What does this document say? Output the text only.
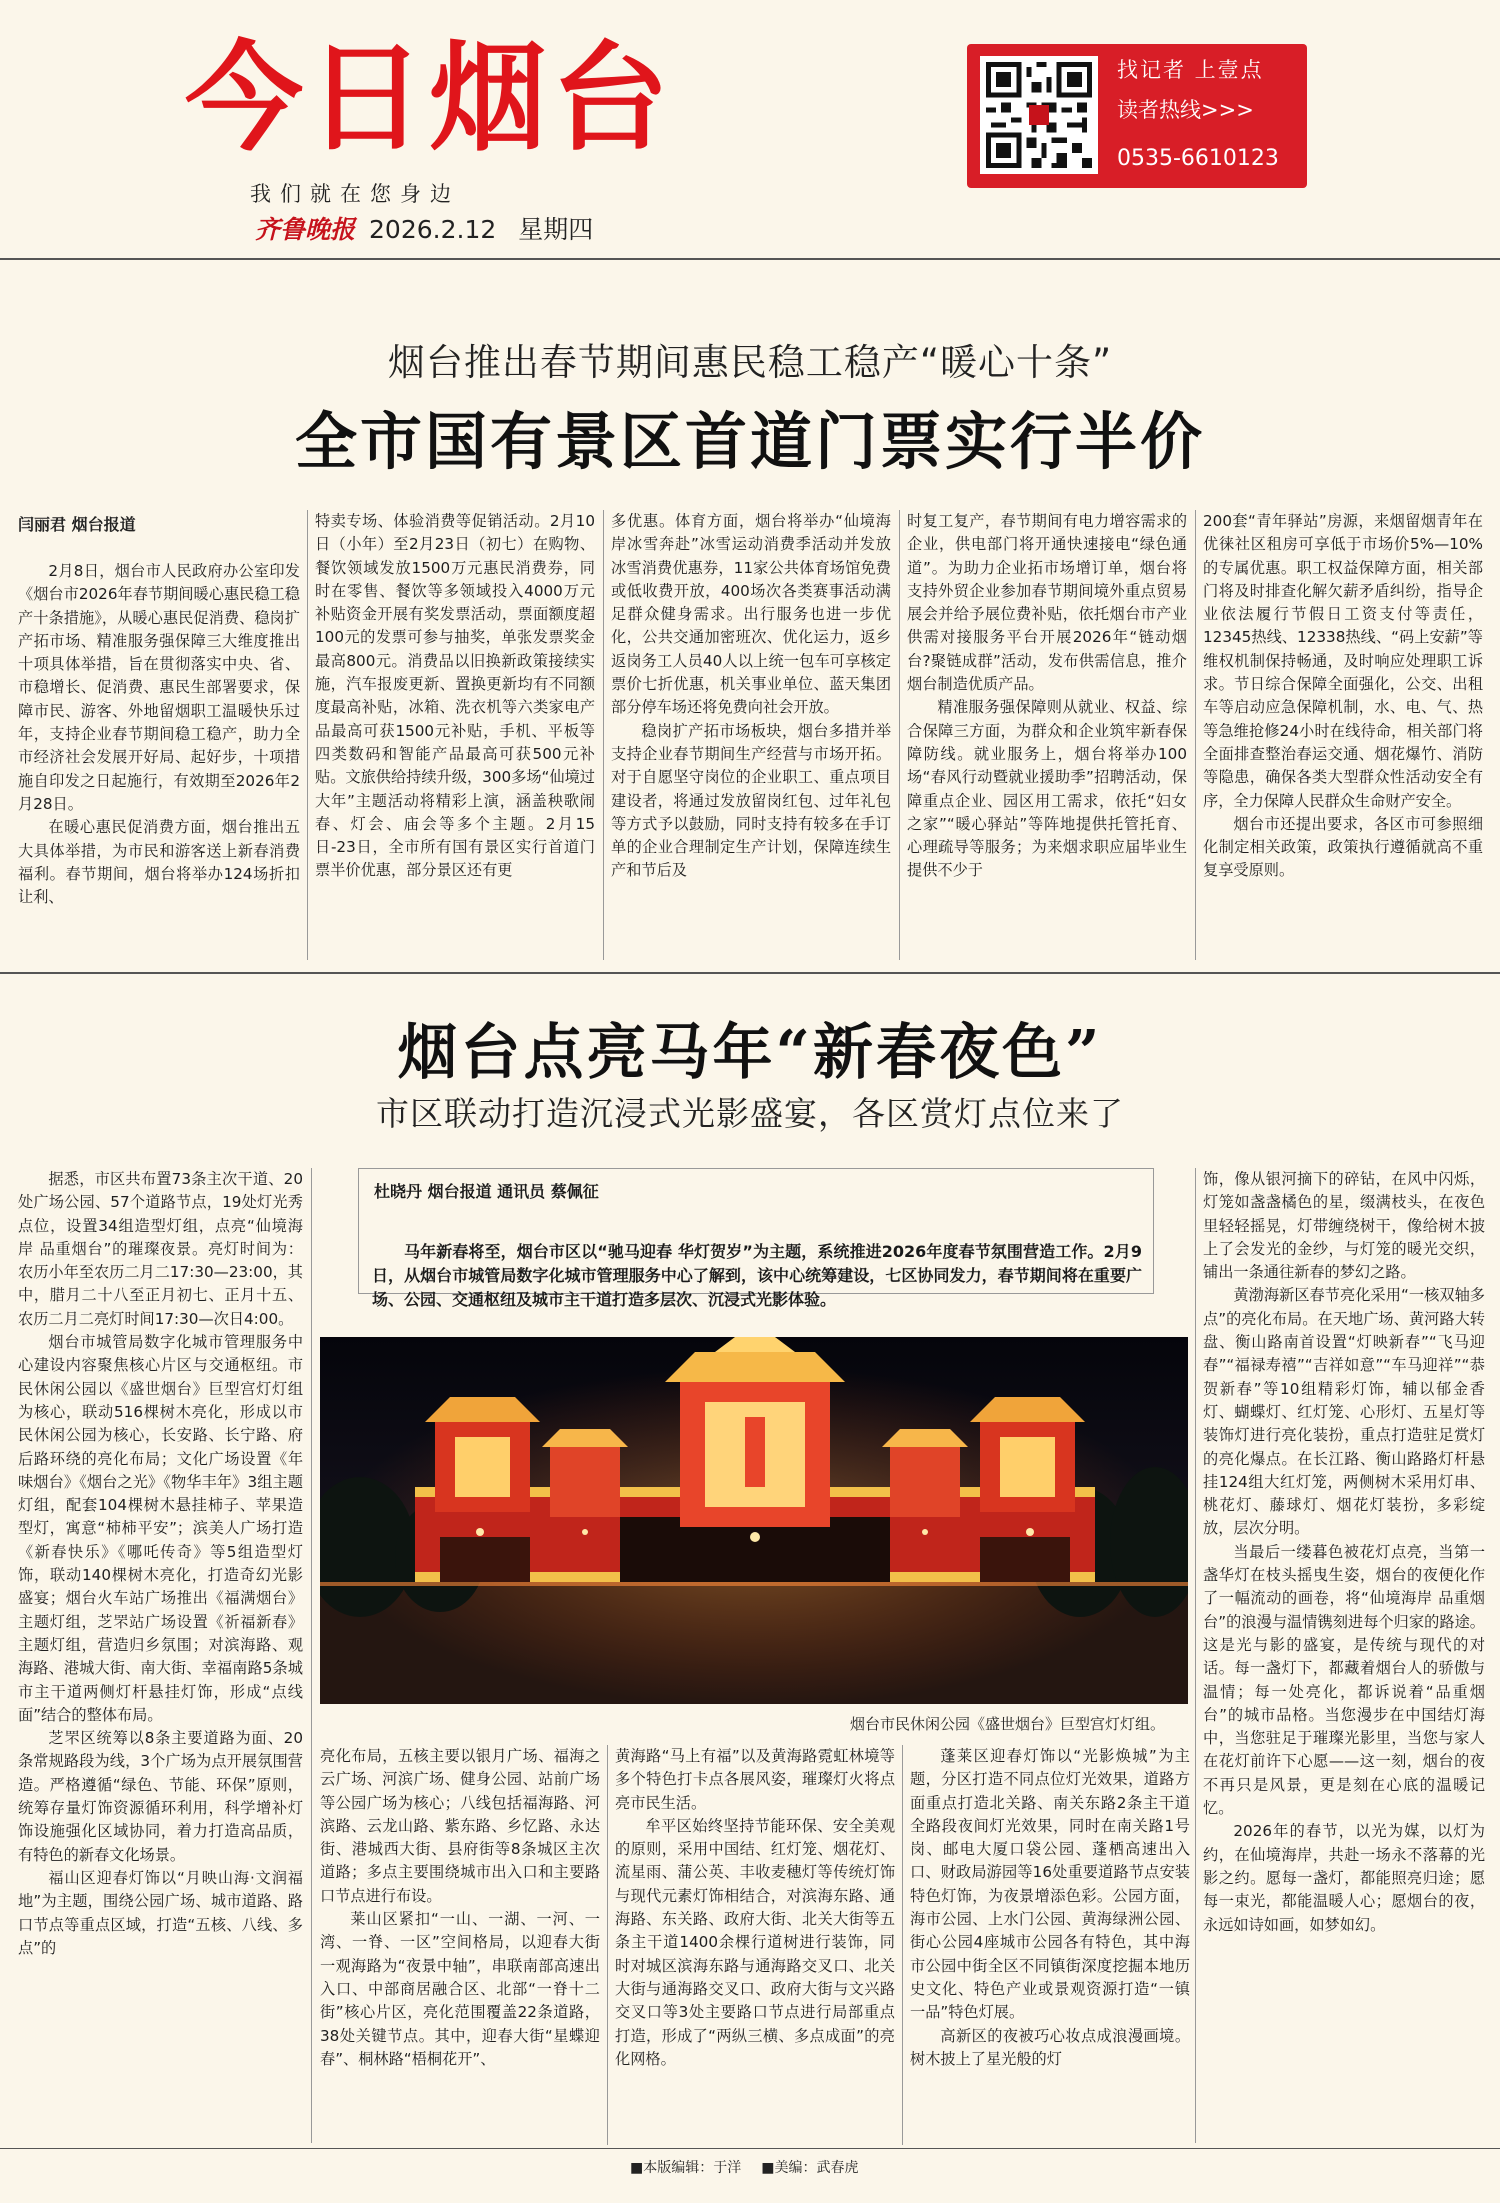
今日烟台
我们就在您身边
齐鲁晚报 2026.2.12 星期四
找记者 上壹点
读者热线>>>
0535-6610123
烟台推出春节期间惠民稳工稳产“暖心十条”
全市国有景区首道门票实行半价
闫丽君 烟台报道

2月8日，烟台市人民政府办公室印发《烟台市2026年春节期间暖心惠民稳工稳产十条措施》，从暖心惠民促消费、稳岗扩产拓市场、精准服务强保障三大维度推出十项具体举措，旨在贯彻落实中央、省、市稳增长、促消费、惠民生部署要求，保障市民、游客、外地留烟职工温暖快乐过年，支持企业春节期间稳工稳产，助力全市经济社会发展开好局、起好步，十项措施自印发之日起施行，有效期至2026年2月28日。

在暖心惠民促消费方面，烟台推出五大具体举措，为市民和游客送上新春消费福利。春节期间，烟台将举办124场折扣让利、

特卖专场、体验消费等促销活动。2月10日（小年）至2月23日（初七）在购物、餐饮领域发放1500万元惠民消费券，同时在零售、餐饮等多领域投入4000万元补贴资金开展有奖发票活动，票面额度超100元的发票可参与抽奖，单张发票奖金最高800元。消费品以旧换新政策接续实施，汽车报废更新、置换更新均有不同额度最高补贴，冰箱、洗衣机等六类家电产品最高可获1500元补贴，手机、平板等四类数码和智能产品最高可获500元补贴。文旅供给持续升级，300多场“仙境过大年”主题活动将精彩上演，涵盖秧歌闹春、灯会、庙会等多个主题。2月15日-23日，全市所有国有景区实行首道门票半价优惠，部分景区还有更

多优惠。体育方面，烟台将举办“仙境海岸冰雪奔赴”冰雪运动消费季活动并发放冰雪消费优惠券，11家公共体育场馆免费或低收费开放，400场次各类赛事活动满足群众健身需求。出行服务也进一步优化，公共交通加密班次、优化运力，返乡返岗务工人员40人以上统一包车可享核定票价七折优惠，机关事业单位、蓝天集团部分停车场还将免费向社会开放。

稳岗扩产拓市场板块，烟台多措并举支持企业春节期间生产经营与市场开拓。对于自愿坚守岗位的企业职工、重点项目建设者，将通过发放留岗红包、过年礼包等方式予以鼓励，同时支持有较多在手订单的企业合理制定生产计划，保障连续生产和节后及

时复工复产，春节期间有电力增容需求的企业，供电部门将开通快速接电“绿色通道”。为助力企业拓市场增订单，烟台将支持外贸企业参加春节期间境外重点贸易展会并给予展位费补贴，依托烟台市产业供需对接服务平台开展2026年“链动烟台?聚链成群”活动，发布供需信息，推介烟台制造优质产品。

精准服务强保障则从就业、权益、综合保障三方面，为群众和企业筑牢新春保障防线。就业服务上，烟台将举办100场“春风行动暨就业援助季”招聘活动，保障重点企业、园区用工需求，依托“妇女之家”“暖心驿站”等阵地提供托管托育、心理疏导等服务；为来烟求职应届毕业生提供不少于

200套“青年驿站”房源，来烟留烟青年在优徕社区租房可享低于市场价5%—10%的专属优惠。职工权益保障方面，相关部门将及时排查化解欠薪矛盾纠纷，指导企业依法履行节假日工资支付等责任，12345热线、12338热线、“码上安薪”等维权机制保持畅通，及时响应处理职工诉求。节日综合保障全面强化，公交、出租车等启动应急保障机制，水、电、气、热等急维抢修24小时在线待命，相关部门将全面排查整治春运交通、烟花爆竹、消防等隐患，确保各类大型群众性活动安全有序，全力保障人民群众生命财产安全。

烟台市还提出要求，各区市可参照细化制定相关政策，政策执行遵循就高不重复享受原则。

烟台点亮马年“新春夜色”
市区联动打造沉浸式光影盛宴，各区赏灯点位来了

据悉，市区共布置73条主次干道、20处广场公园、57个道路节点，19处灯光秀点位，设置34组造型灯组，点亮“仙境海岸 品重烟台”的璀璨夜景。亮灯时间为：农历小年至农历二月二17:30—23:00，其中，腊月二十八至正月初七、正月十五、农历二月二亮灯时间17:30—次日4:00。

烟台市城管局数字化城市管理服务中心建设内容聚焦核心片区与交通枢纽。市民休闲公园以《盛世烟台》巨型宫灯灯组为核心，联动516棵树木亮化，形成以市民休闲公园为核心，长安路、长宁路、府后路环绕的亮化布局；文化广场设置《年味烟台》《烟台之光》《物华丰年》3组主题灯组，配套104棵树木悬挂柿子、苹果造型灯，寓意“柿柿平安”；滨美人广场打造《新春快乐》《哪吒传奇》等5组造型灯饰，联动140棵树木亮化，打造奇幻光影盛宴；烟台火车站广场推出《福满烟台》主题灯组，芝罘站广场设置《祈福新春》主题灯组，营造归乡氛围；对滨海路、观海路、港城大街、南大街、幸福南路5条城市主干道两侧灯杆悬挂灯饰，形成“点线面”结合的整体布局。

芝罘区统筹以8条主要道路为面、20条常规路段为线，3个广场为点开展氛围营造。严格遵循“绿色、节能、环保”原则，统筹存量灯饰资源循环利用，科学增补灯饰设施强化区域协同，着力打造高品质，有特色的新春文化场景。

福山区迎春灯饰以“月映山海·文润福地”为主题，围绕公园广场、城市道路、路口节点等重点区域，打造“五核、八线、多点”的

杜晓丹 烟台报道 通讯员 蔡佩征
马年新春将至，烟台市区以“驰马迎春 华灯贺岁”为主题，系统推进2026年度春节氛围营造工作。2月9日，从烟台市城管局数字化城市管理服务中心了解到，该中心统筹建设，七区协同发力，春节期间将在重要广场、公园、交通枢纽及城市主干道打造多层次、沉浸式光影体验。
烟台市民休闲公园《盛世烟台》巨型宫灯灯组。

饰，像从银河摘下的碎钻，在风中闪烁，灯笼如盏盏橘色的星，缀满枝头，在夜色里轻轻摇晃，灯带缠绕树干，像给树木披上了会发光的金纱，与灯笼的暖光交织，铺出一条通往新春的梦幻之路。

黄渤海新区春节亮化采用“一核双轴多点”的亮化布局。在天地广场、黄河路大转盘、衡山路南首设置“灯映新春”“飞马迎春”“福禄寿禧”“吉祥如意”“车马迎祥”“恭贺新春”等10组精彩灯饰，辅以郁金香灯、蝴蝶灯、红灯笼、心形灯、五星灯等装饰灯进行亮化装扮，重点打造驻足赏灯的亮化爆点。在长江路、衡山路路灯杆悬挂124组大红灯笼，两侧树木采用灯串、桃花灯、藤球灯、烟花灯装扮，多彩绽放，层次分明。

当最后一缕暮色被花灯点亮，当第一盏华灯在枝头摇曳生姿，烟台的夜便化作了一幅流动的画卷，将“仙境海岸 品重烟台”的浪漫与温情镌刻进每个归家的路途。这是光与影的盛宴，是传统与现代的对话。每一盏灯下，都藏着烟台人的骄傲与温情；每一处亮化，都诉说着“品重烟台”的城市品格。当您漫步在中国结灯海中，当您驻足于璀璨光影里，当您与家人在花灯前许下心愿——这一刻，烟台的夜不再只是风景，更是刻在心底的温暖记忆。

2026年的春节，以光为媒，以灯为约，在仙境海岸，共赴一场永不落幕的光影之约。愿每一盏灯，都能照亮归途；愿每一束光，都能温暖人心；愿烟台的夜，永远如诗如画，如梦如幻。

亮化布局，五核主要以银月广场、福海之云广场、河滨广场、健身公园、站前广场等公园广场为核心；八线包括福海路、河滨路、云龙山路、紫东路、乡忆路、永达街、港城西大街、县府街等8条城区主次道路；多点主要围绕城市出入口和主要路口节点进行布设。

莱山区紧扣“一山、一湖、一河、一湾、一脊、一区”空间格局，以迎春大街一观海路为“夜景中轴”，串联南部高速出入口、中部商居融合区、北部“一脊十二街”核心片区，亮化范围覆盖22条道路，38处关键节点。其中，迎春大街“星蝶迎春”、桐林路“梧桐花开”、

黄海路“马上有福”以及黄海路霓虹林境等多个特色打卡点各展风姿，璀璨灯火将点亮市民生活。

牟平区始终坚持节能环保、安全美观的原则，采用中国结、红灯笼、烟花灯、流星雨、蒲公英、丰收麦穗灯等传统灯饰与现代元素灯饰相结合，对滨海东路、通海路、东关路、政府大街、北关大街等五条主干道1400余棵行道树进行装饰，同时对城区滨海东路与通海路交叉口、北关大街与通海路交叉口、政府大街与文兴路交叉口等3处主要路口节点进行局部重点打造，形成了“两纵三横、多点成面”的亮化网格。

蓬莱区迎春灯饰以“光影焕城”为主题，分区打造不同点位灯光效果，道路方面重点打造北关路、南关东路2条主干道全路段夜间灯光效果，同时在南关路1号岗、邮电大厦口袋公园、蓬栖高速出入口、财政局游园等16处重要道路节点安装特色灯饰，为夜景增添色彩。公园方面，海市公园、上水门公园、黄海绿洲公园、街心公园4座城市公园各有特色，其中海市公园中街全区不同镇街深度挖掘本地历史文化、特色产业或景观资源打造“一镇一品”特色灯展。

高新区的夜被巧心妆点成浪漫画境。树木披上了星光般的灯

■本版编辑：于洋 ■美编：武春虎
